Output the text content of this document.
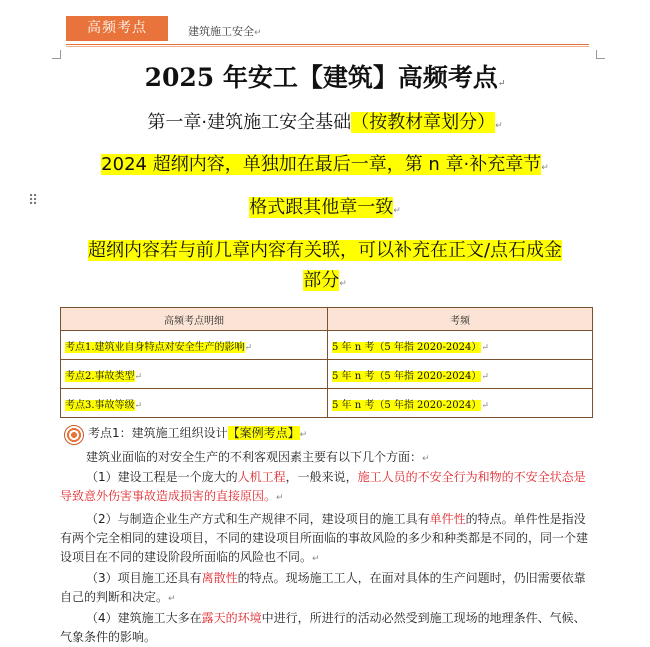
高频考点	建筑施工安全↵
⠿
2025 年安工【建筑】高频考点↵
第一章·建筑施工安全基础（按教材章划分）↵
2024 超纲内容，单独加在最后一章，第 n 章·补充章节↵
格式跟其他章一致↵
超纲内容若与前几章内容有关联，可以补充在正文/点石成金
部分↵
高频考点明细	考频
考点1.建筑业自身特点对安全生产的影响↵	5 年 n 考（5 年指 2020-2024）↵
考点2.事故类型↵	5 年 n 考（5 年指 2020-2024）↵
考点3.事故等级↵	5 年 n 考（5 年指 2020-2024）↵
考点1：建筑施工组织设计【案例考点】↵
建筑业面临的对安全生产的不利客观因素主要有以下几个方面：↵
（1）建设工程是一个庞大的人机工程，一般来说，施工人员的不安全行为和物的不安全状态是导致意外伤害事故造成损害的直接原因。↵
（2）与制造企业生产方式和生产规律不同，建设项目的施工具有单件性的特点。单件性是指没有两个完全相同的建设项目，不同的建设项目所面临的事故风险的多少和种类都是不同的，同一个建设项目在不同的建设阶段所面临的风险也不同。↵
（3）项目施工还具有离散性的特点。现场施工工人，在面对具体的生产问题时，仍旧需要依靠自己的判断和决定。↵
（4）建筑施工大多在露天的环境中进行，所进行的活动必然受到施工现场的地理条件、气候、气象条件的影响。
